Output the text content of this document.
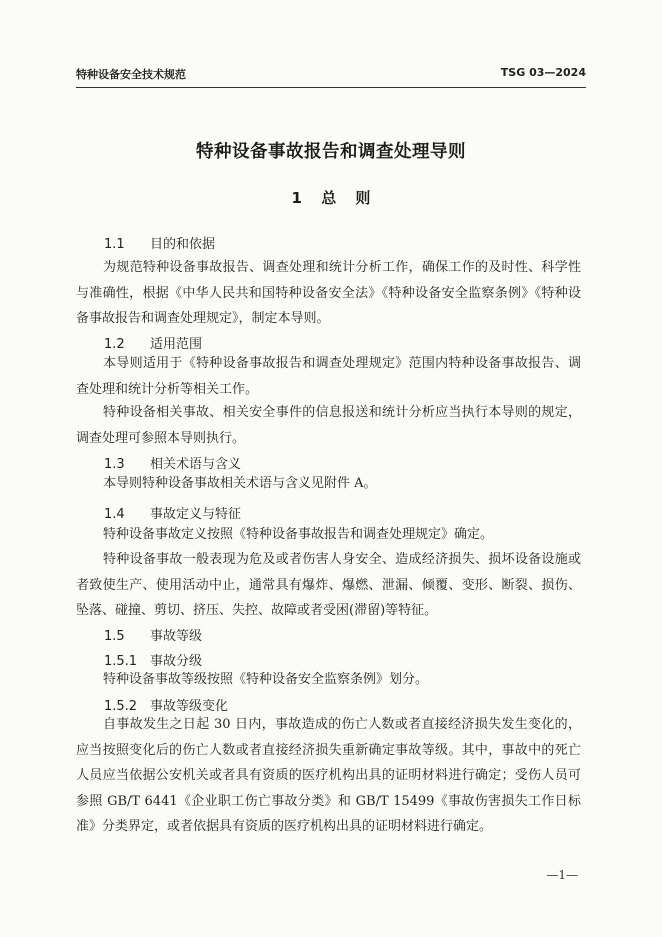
特种设备安全技术规范	TSG 03—2024
特种设备事故报告和调查处理导则
1 总 则
1.1 目的和依据
为规范特种设备事故报告、调查处理和统计分析工作，确保工作的及时性、科学性与准确性，根据《中华人民共和国特种设备安全法》《特种设备安全监察条例》《特种设备事故报告和调查处理规定》，制定本导则。
1.2 适用范围
本导则适用于《特种设备事故报告和调查处理规定》范围内特种设备事故报告、调查处理和统计分析等相关工作。
特种设备相关事故、相关安全事件的信息报送和统计分析应当执行本导则的规定，调查处理可参照本导则执行。
1.3 相关术语与含义
本导则特种设备事故相关术语与含义见附件 A。
1.4 事故定义与特征
特种设备事故定义按照《特种设备事故报告和调查处理规定》确定。
特种设备事故一般表现为危及或者伤害人身安全、造成经济损失、损坏设备设施或者致使生产、使用活动中止，通常具有爆炸、爆燃、泄漏、倾覆、变形、断裂、损伤、坠落、碰撞、剪切、挤压、失控、故障或者受困(滞留)等特征。
1.5 事故等级
1.5.1 事故分级
特种设备事故等级按照《特种设备安全监察条例》划分。
1.5.2 事故等级变化
自事故发生之日起 30 日内，事故造成的伤亡人数或者直接经济损失发生变化的，应当按照变化后的伤亡人数或者直接经济损失重新确定事故等级。其中，事故中的死亡人员应当依据公安机关或者具有资质的医疗机构出具的证明材料进行确定；受伤人员可参照 GB/T 6441《企业职工伤亡事故分类》和 GB/T 15499《事故伤害损失工作日标准》分类界定，或者依据具有资质的医疗机构出具的证明材料进行确定。
—1—
